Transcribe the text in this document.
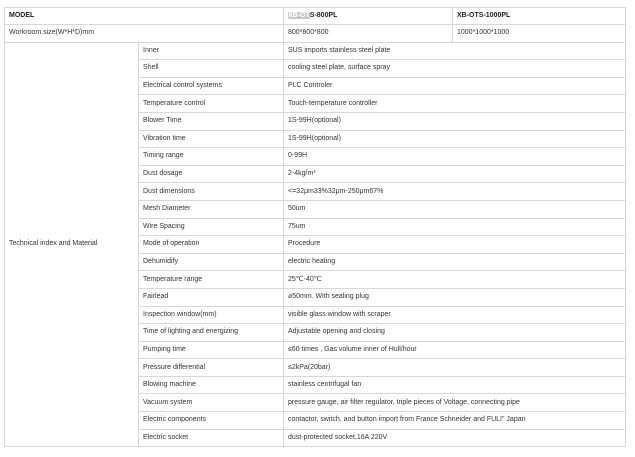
MODEL		XB-OTS-800PL	XB-OTS-1000PL
Workroom size(W*H*D)mm		800*800*800	1000*1000*1000
Technical index and Material	Inner	SUS imports stainless steel plate	
	Shell	cooling steel plate, surface spray	
	Electrical control systems	PLC Controler	
	Temperature control	Touch-temperature controller	
	Blower Time	1S-99H(optional)	
	Vibration time	1S-99H(optional)	
	Timing range	0-99H	
	Dust dosage	2-4kg/m³	
	Dust dimensions	<=32μm33%32μm-250μm67%	
	Mesh Diameter	50um	
	Wire Spacing	75um	
	Mode of operation	Procedure	
	Dehumidify	electric heating	
	Temperature range	25℃-40℃	
	Fairlead	⌀50mm. With sealing plug	
	Inspection window(mm)	visible glass window with scraper	
	Time of lighting and energizing	Adjustable opening and closing	
	Pumping time	≤60 times , Gas volume inner of Hull/hour	
	Pressure differential	≤2kPa(20bar)	
	Blowing machine	stainless centrifugal fan	
	Vacuum system	pressure gauge, air filter regulator, triple pieces of Voltage, connecting pipe	
	Electric components	contactor, switch, and button import from France Schneider and FULI" Japan	
	Electric socket	dust-protected socket,16A 220V	
